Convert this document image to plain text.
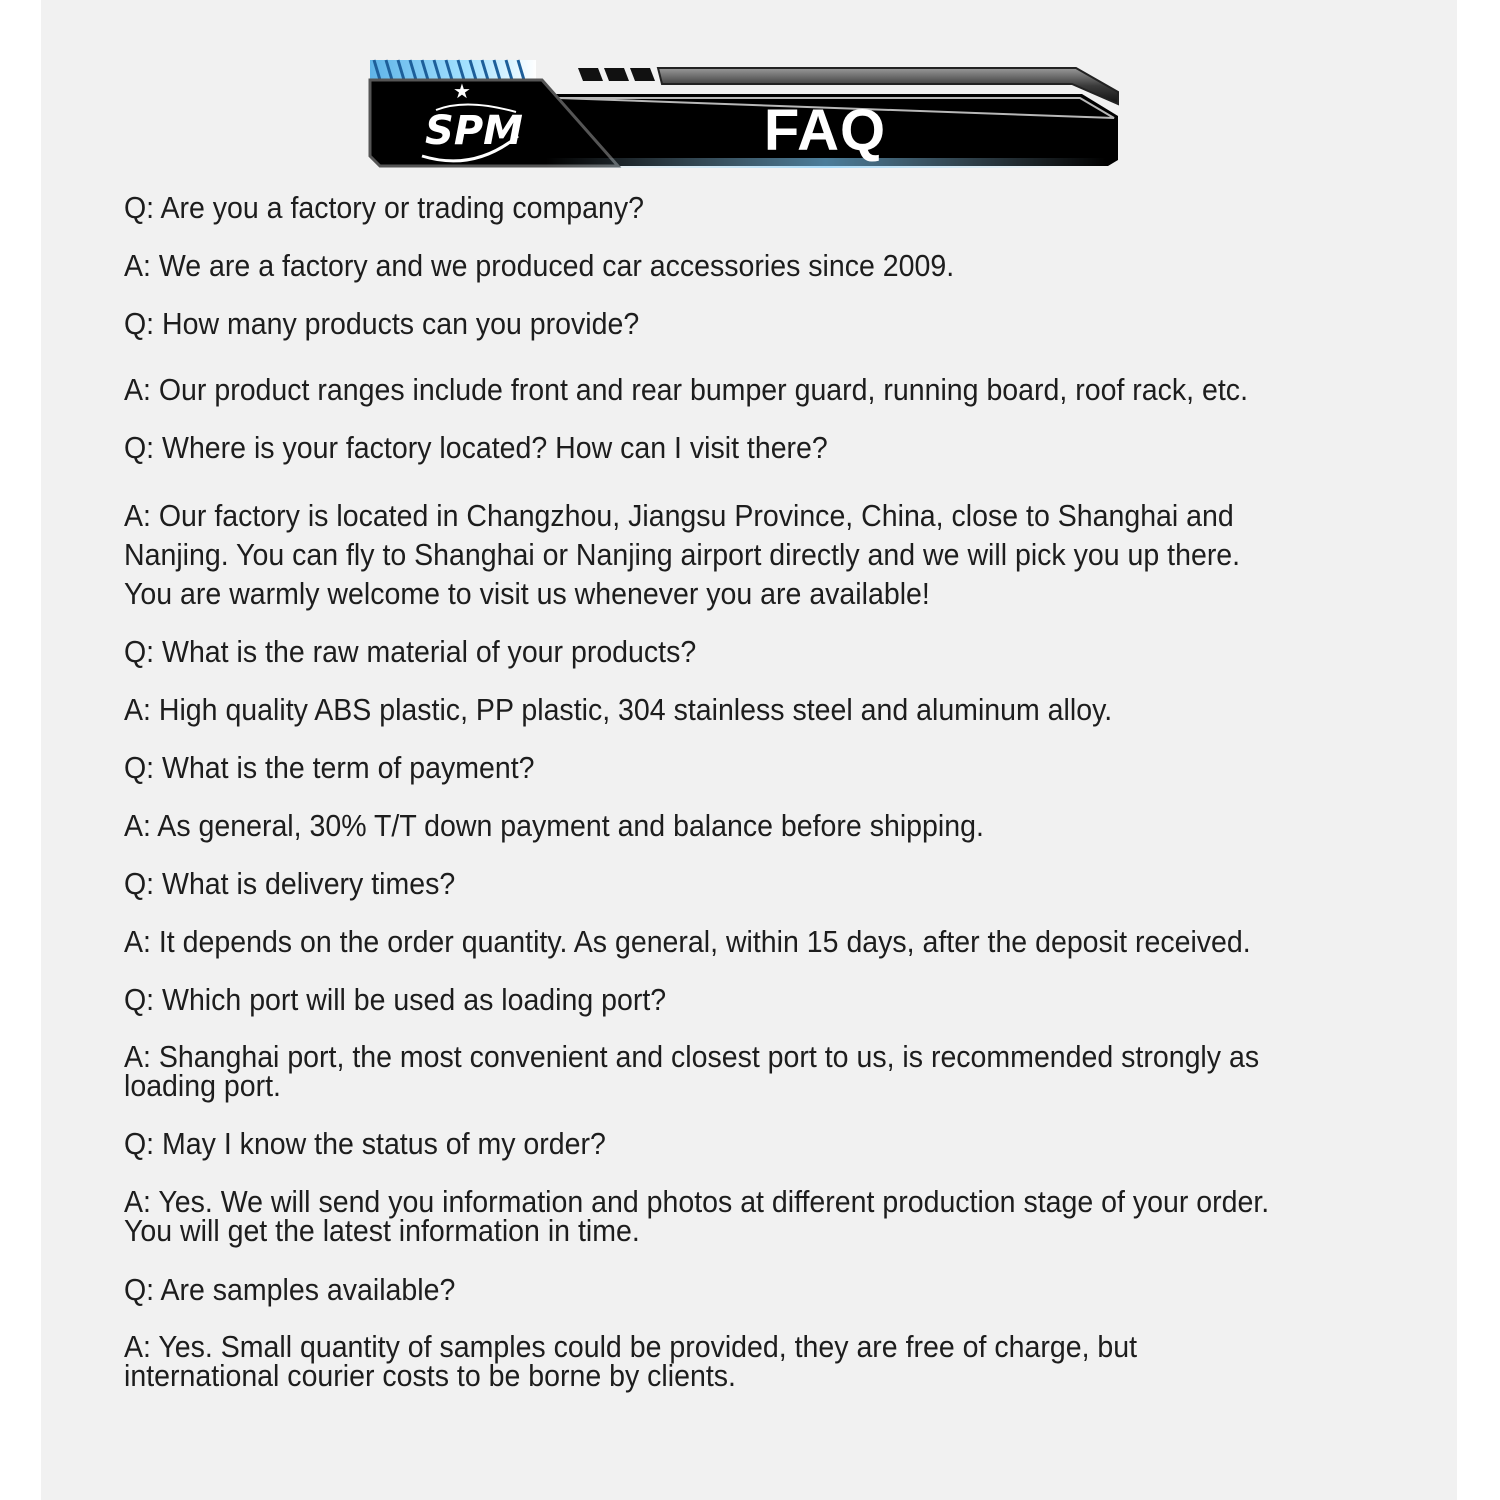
★
SPM	FAQ

Q: Are you a factory or trading company?

A: We are a factory and we produced car accessories since 2009.

Q: How many products can you provide?

A: Our product ranges include front and rear bumper guard, running board, roof rack, etc.

Q: Where is your factory located? How can I visit there?

A: Our factory is located in Changzhou, Jiangsu Province, China, close to Shanghai and

Nanjing. You can fly to Shanghai or Nanjing airport directly and we will pick you up there.

You are warmly welcome to visit us whenever you are available!

Q: What is the raw material of your products?

A: High quality ABS plastic, PP plastic, 304 stainless steel and aluminum alloy.

Q: What is the term of payment?

A: As general, 30% T/T down payment and balance before shipping.

Q: What is delivery times?

A: It depends on the order quantity. As general, within 15 days, after the deposit received.

Q: Which port will be used as loading port?

A: Shanghai port, the most convenient and closest port to us, is recommended strongly as

loading port.

Q: May I know the status of my order?

A: Yes. We will send you information and photos at different production stage of your order.

You will get the latest information in time.

Q: Are samples available?

A: Yes. Small quantity of samples could be provided, they are free of charge, but

international courier costs to be borne by clients.
